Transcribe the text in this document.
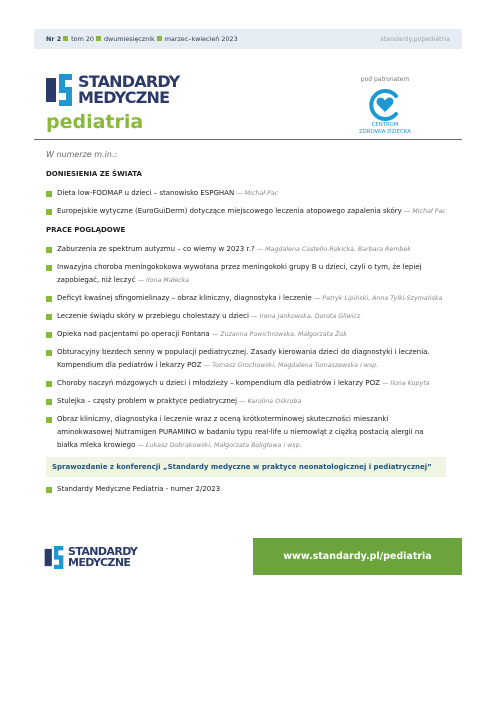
Nr 2 tom 20 dwumiesięcznik marzec–kwiecień 2023	standardy.pl/pediatria
STANDARDY
MEDYCZNE
pediatria
pod patronatem
CENTRUM
ZDROWIA DZIECKA
W numerze m.in.:
DONIESIENIA ZE ŚWIATA
Dieta low-FODMAP u dzieci – stanowisko ESPGHAN — Michał Pac
Europejskie wytyczne (EuroGuiDerm) dotyczące miejscowego leczenia atopowego zapalenia skóry — Michał Pac
PRACE POGLĄDOWE
Zaburzenia ze spektrum autyzmu – co wiemy w 2023 r.? — Magdalena Castello-Rokicka, Barbara Rembek
Inwazyjna choroba meningokokowa wywołana przez meningokoki grupy B u dzieci, czyli o tym, że lepiej zapobiegać, niż leczyć — Ilona Małecka
Deficyt kwaśnej sfingomielinazy – obraz kliniczny, diagnostyka i leczenie — Patryk Lipiński, Anna Tylki-Szymańska
Leczenie świądu skóry w przebiegu cholestazy u dzieci — Irena Jankowska, Dorota Gliwicz
Opieka nad pacjentami po operacji Fontana — Zuzanna Powichrowska, Małgorzata Żuk
Obturacyjny bezdech senny w populacji pediatrycznej. Zasady kierowania dzieci do diagnostyki i leczenia. Kompendium dla pediatrów i lekarzy POZ — Tomasz Grochowski, Magdalena Tomaszewska i wsp.
Choroby naczyń mózgowych u dzieci i młodzieży – kompendium dla pediatrów i lekarzy POZ — Ilona Kopyta
Stulejka – częsty problem w praktyce pediatrycznej — Karolina Oskroba
Obraz kliniczny, diagnostyka i leczenie wraz z oceną krótkoterminowej skuteczności mieszanki aminokwasowej Nutramigen PURAMINO w badaniu typu real-life u niemowląt z ciężką postacią alergii na białka mleka krowiego — Łukasz Dobrakowski, Małgorzata Boligłowa i wsp.
Sprawozdanie z konferencji „Standardy medyczne w praktyce neonatologicznej i pediatrycznej”
Standardy Medyczne Pediatria - numer 2/2023
STANDARDY
MEDYCZNE	www.standardy.pl/pediatria
